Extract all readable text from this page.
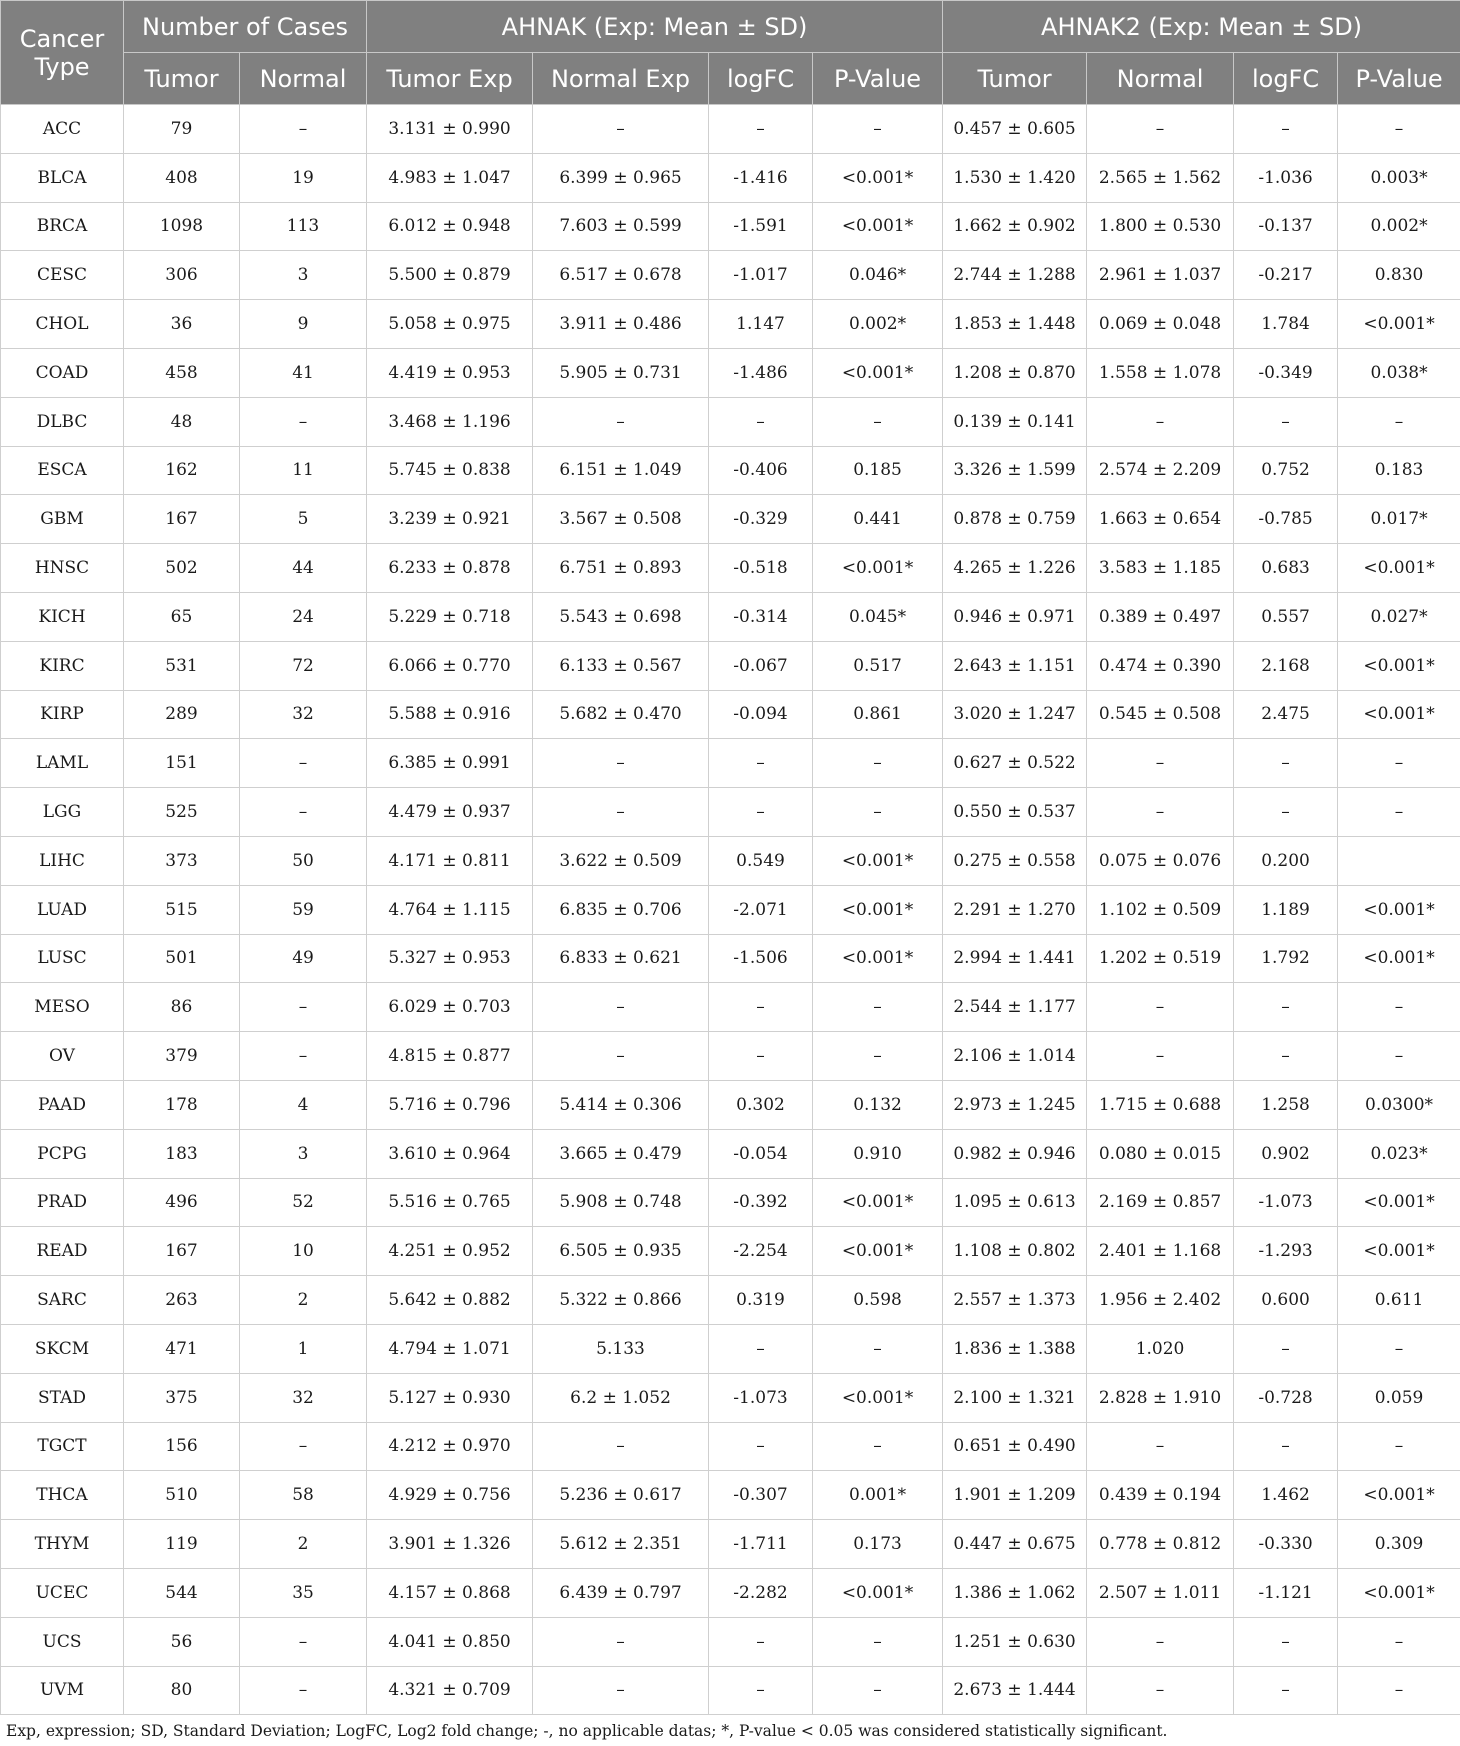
Cancer Type	Number of Cases		AHNAK (Exp: Mean ± SD)				AHNAK2 (Exp: Mean ± SD)			
	Tumor	Normal	Tumor Exp	Normal Exp	logFC	P-Value	Tumor	Normal	logFC	P-Value
ACC	79	–	3.131 ± 0.990	–	–	–	0.457 ± 0.605	–	–	–
BLCA	408	19	4.983 ± 1.047	6.399 ± 0.965	-1.416	<0.001*	1.530 ± 1.420	2.565 ± 1.562	-1.036	0.003*
BRCA	1098	113	6.012 ± 0.948	7.603 ± 0.599	-1.591	<0.001*	1.662 ± 0.902	1.800 ± 0.530	-0.137	0.002*
CESC	306	3	5.500 ± 0.879	6.517 ± 0.678	-1.017	0.046*	2.744 ± 1.288	2.961 ± 1.037	-0.217	0.830
CHOL	36	9	5.058 ± 0.975	3.911 ± 0.486	1.147	0.002*	1.853 ± 1.448	0.069 ± 0.048	1.784	<0.001*
COAD	458	41	4.419 ± 0.953	5.905 ± 0.731	-1.486	<0.001*	1.208 ± 0.870	1.558 ± 1.078	-0.349	0.038*
DLBC	48	–	3.468 ± 1.196	–	–	–	0.139 ± 0.141	–	–	–
ESCA	162	11	5.745 ± 0.838	6.151 ± 1.049	-0.406	0.185	3.326 ± 1.599	2.574 ± 2.209	0.752	0.183
GBM	167	5	3.239 ± 0.921	3.567 ± 0.508	-0.329	0.441	0.878 ± 0.759	1.663 ± 0.654	-0.785	0.017*
HNSC	502	44	6.233 ± 0.878	6.751 ± 0.893	-0.518	<0.001*	4.265 ± 1.226	3.583 ± 1.185	0.683	<0.001*
KICH	65	24	5.229 ± 0.718	5.543 ± 0.698	-0.314	0.045*	0.946 ± 0.971	0.389 ± 0.497	0.557	0.027*
KIRC	531	72	6.066 ± 0.770	6.133 ± 0.567	-0.067	0.517	2.643 ± 1.151	0.474 ± 0.390	2.168	<0.001*
KIRP	289	32	5.588 ± 0.916	5.682 ± 0.470	-0.094	0.861	3.020 ± 1.247	0.545 ± 0.508	2.475	<0.001*
LAML	151	–	6.385 ± 0.991	–	–	–	0.627 ± 0.522	–	–	–
LGG	525	–	4.479 ± 0.937	–	–	–	0.550 ± 0.537	–	–	–
LIHC	373	50	4.171 ± 0.811	3.622 ± 0.509	0.549	<0.001*	0.275 ± 0.558	0.075 ± 0.076	0.200	
LUAD	515	59	4.764 ± 1.115	6.835 ± 0.706	-2.071	<0.001*	2.291 ± 1.270	1.102 ± 0.509	1.189	<0.001*
LUSC	501	49	5.327 ± 0.953	6.833 ± 0.621	-1.506	<0.001*	2.994 ± 1.441	1.202 ± 0.519	1.792	<0.001*
MESO	86	–	6.029 ± 0.703	–	–	–	2.544 ± 1.177	–	–	–
OV	379	–	4.815 ± 0.877	–	–	–	2.106 ± 1.014	–	–	–
PAAD	178	4	5.716 ± 0.796	5.414 ± 0.306	0.302	0.132	2.973 ± 1.245	1.715 ± 0.688	1.258	0.0300*
PCPG	183	3	3.610 ± 0.964	3.665 ± 0.479	-0.054	0.910	0.982 ± 0.946	0.080 ± 0.015	0.902	0.023*
PRAD	496	52	5.516 ± 0.765	5.908 ± 0.748	-0.392	<0.001*	1.095 ± 0.613	2.169 ± 0.857	-1.073	<0.001*
READ	167	10	4.251 ± 0.952	6.505 ± 0.935	-2.254	<0.001*	1.108 ± 0.802	2.401 ± 1.168	-1.293	<0.001*
SARC	263	2	5.642 ± 0.882	5.322 ± 0.866	0.319	0.598	2.557 ± 1.373	1.956 ± 2.402	0.600	0.611
SKCM	471	1	4.794 ± 1.071	5.133	–	–	1.836 ± 1.388	1.020	–	–
STAD	375	32	5.127 ± 0.930	6.2 ± 1.052	-1.073	<0.001*	2.100 ± 1.321	2.828 ± 1.910	-0.728	0.059
TGCT	156	–	4.212 ± 0.970	–	–	–	0.651 ± 0.490	–	–	–
THCA	510	58	4.929 ± 0.756	5.236 ± 0.617	-0.307	0.001*	1.901 ± 1.209	0.439 ± 0.194	1.462	<0.001*
THYM	119	2	3.901 ± 1.326	5.612 ± 2.351	-1.711	0.173	0.447 ± 0.675	0.778 ± 0.812	-0.330	0.309
UCEC	544	35	4.157 ± 0.868	6.439 ± 0.797	-2.282	<0.001*	1.386 ± 1.062	2.507 ± 1.011	-1.121	<0.001*
UCS	56	–	4.041 ± 0.850	–	–	–	1.251 ± 0.630	–	–	–
UVM	80	–	4.321 ± 0.709	–	–	–	2.673 ± 1.444	–	–	–
Exp, expression; SD, Standard Deviation; LogFC, Log2 fold change; -, no applicable datas; *, P-value < 0.05 was considered statistically significant.
